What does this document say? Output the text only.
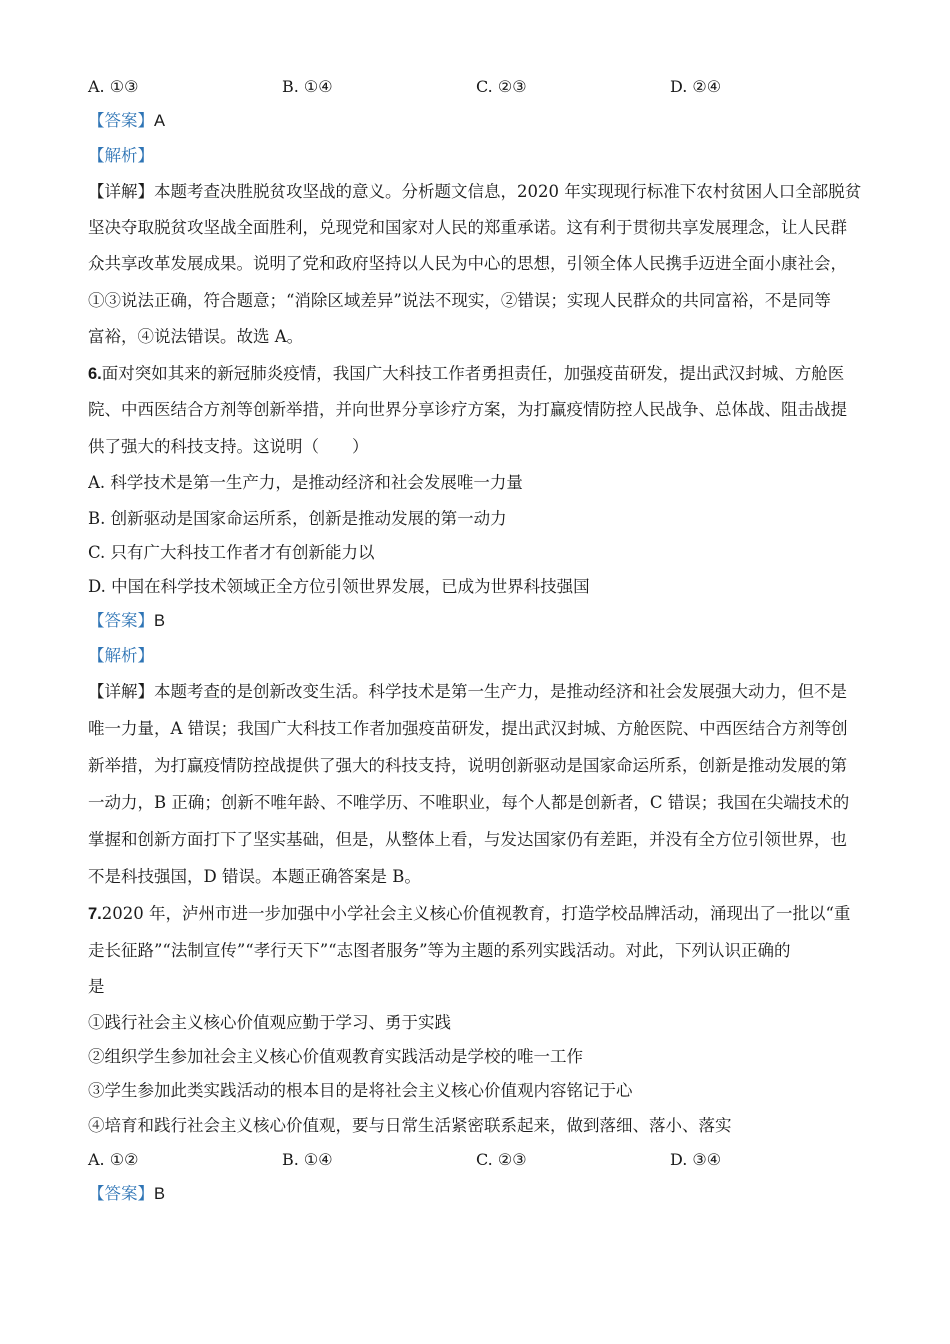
A. ①③	B. ①④	C. ②③	D. ②④
【答案】A
【解析】
【详解】本题考查决胜脱贫攻坚战的意义。分析题文信息，2020 年实现现行标准下农村贫困人口全部脱贫
坚决夺取脱贫攻坚战全面胜利，兑现党和国家对人民的郑重承诺。这有利于贯彻共享发展理念，让人民群
众共享改革发展成果。说明了党和政府坚持以人民为中心的思想，引领全体人民携手迈进全面小康社会，
①③说法正确，符合题意；“消除区域差异”说法不现实，②错误；实现人民群众的共同富裕，不是同等
富裕，④说法错误。故选 A。
6.面对突如其来的新冠肺炎疫情，我国广大科技工作者勇担责任，加强疫苗研发，提出武汉封城、方舱医
院、中西医结合方剂等创新举措，并向世界分享诊疗方案，为打赢疫情防控人民战争、总体战、阻击战提
供了强大的科技支持。这说明（　　）
A. 科学技术是第一生产力，是推动经济和社会发展唯一力量
B. 创新驱动是国家命运所系，创新是推动发展的第一动力
C. 只有广大科技工作者才有创新能力以
D. 中国在科学技术领域正全方位引领世界发展，已成为世界科技强国
【答案】B
【解析】
【详解】本题考查的是创新改变生活。科学技术是第一生产力，是推动经济和社会发展强大动力，但不是
唯一力量，A 错误；我国广大科技工作者加强疫苗研发，提出武汉封城、方舱医院、中西医结合方剂等创
新举措，为打赢疫情防控战提供了强大的科技支持，说明创新驱动是国家命运所系，创新是推动发展的第
一动力，B 正确；创新不唯年龄、不唯学历、不唯职业，每个人都是创新者，C 错误；我国在尖端技术的
掌握和创新方面打下了坚实基础，但是，从整体上看，与发达国家仍有差距，并没有全方位引领世界，也
不是科技强国，D 错误。本题正确答案是 B。
7.2020 年，泸州市进一步加强中小学社会主义核心价值视教育，打造学校品牌活动，涌现出了一批以“重
走长征路”“法制宣传”“孝行天下”“志图者服务”等为主题的系列实践活动。对此，下列认识正确的
是
①践行社会主义核心价值观应勤于学习、勇于实践
②组织学生参加社会主义核心价值观教育实践活动是学校的唯一工作
③学生参加此类实践活动的根本目的是将社会主义核心价值观内容铭记于心
④培育和践行社会主义核心价值观，要与日常生活紧密联系起来，做到落细、落小、落实
A. ①②	B. ①④	C. ②③	D. ③④
【答案】B
